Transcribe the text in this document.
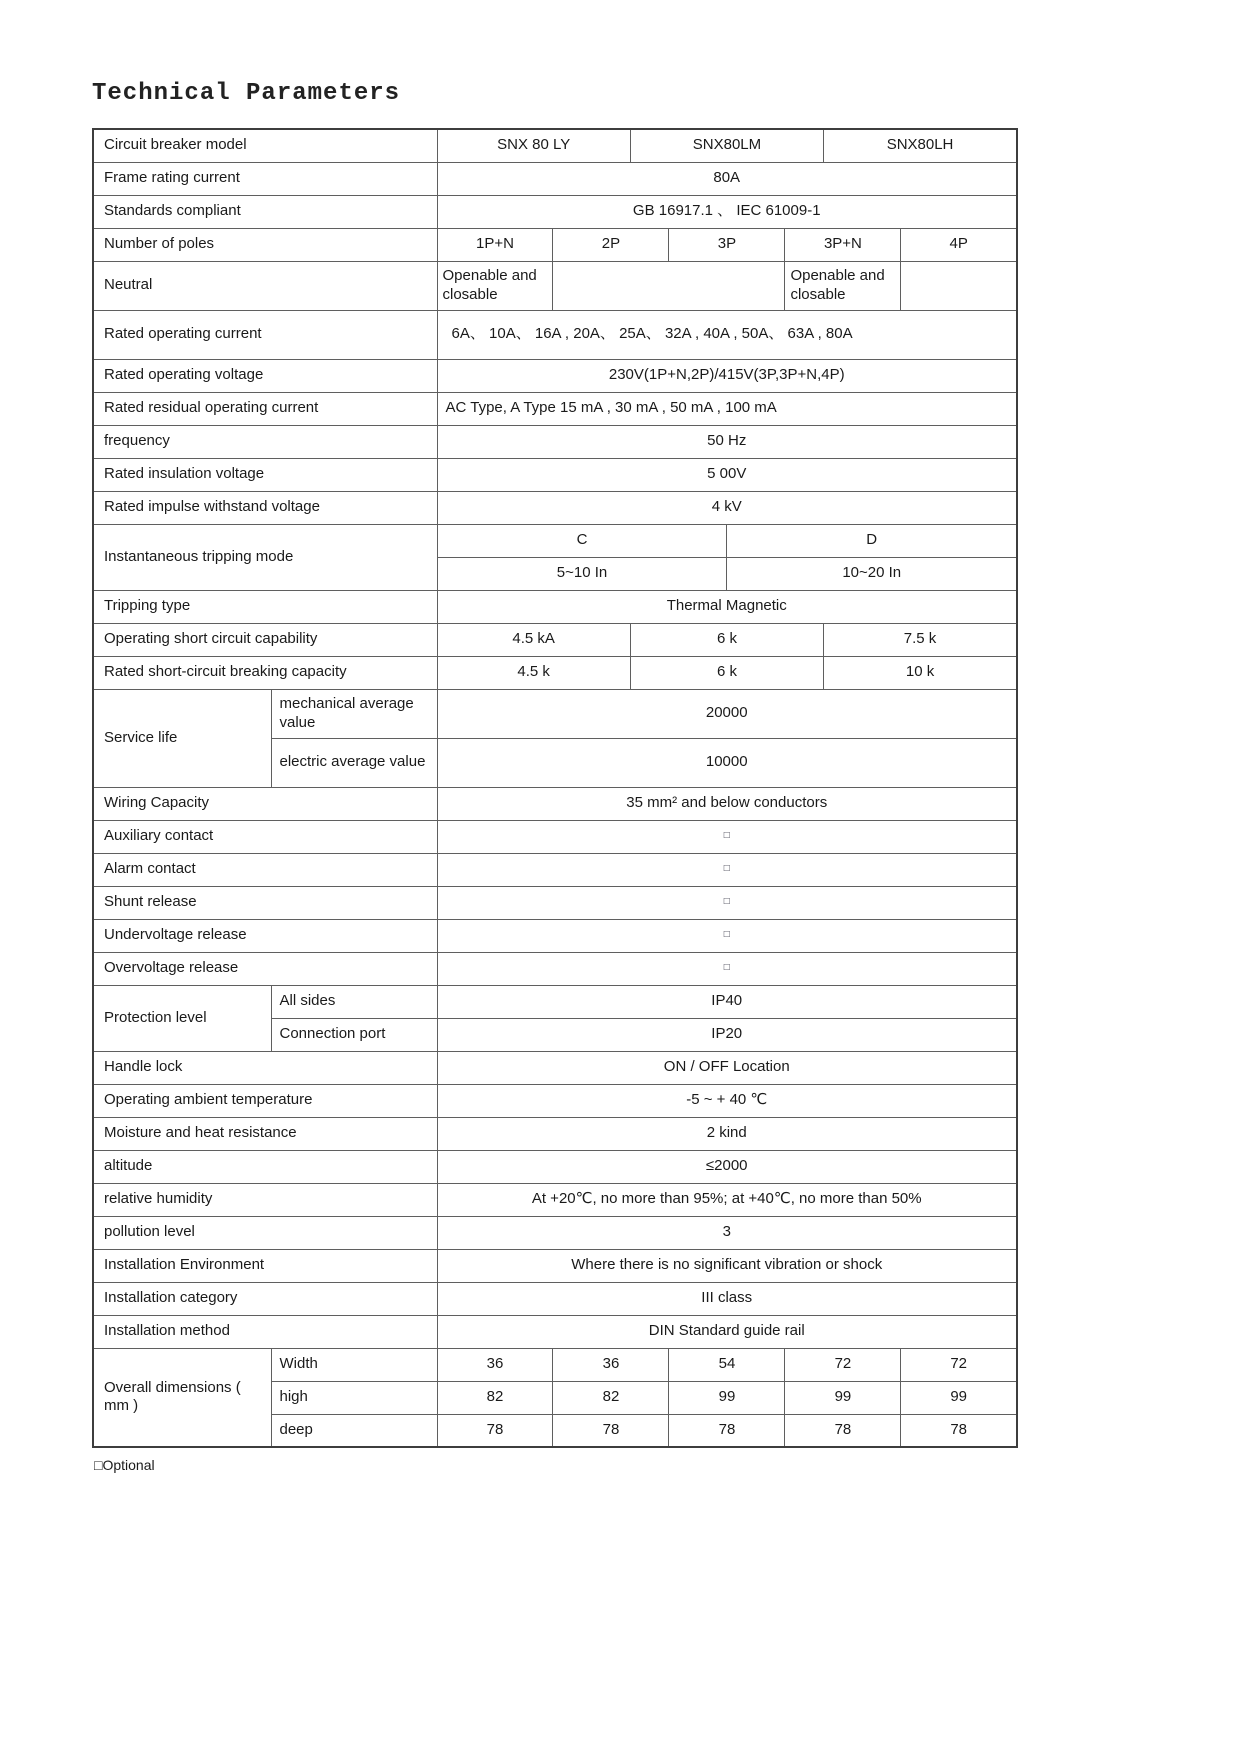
Technical Parameters
Circuit breaker model		SNX 80 LY		SNX80LM				SNX80LH	
Frame rating current		80A							
Standards compliant		GB 16917.1 、 IEC 61009-1							
Number of poles		1P+N	2P		3P		3P+N		4P
Neutral		Openable and closable					Openable and closable		
Rated operating current		6A、 10A、 16A , 20A、 25A、 32A , 40A , 50A、 63A , 80A							
Rated operating voltage		230V(1P+N,2P)/415V(3P,3P+N,4P)							
Rated residual operating current		AC Type, A Type 15 mA , 30 mA , 50 mA , 100 mA							
frequency		50 Hz							
Rated insulation voltage		5 00V							
Rated impulse withstand voltage		4 kV							
Instantaneous tripping mode		C				D			
		5~10 In				10~20 In			
Tripping type		Thermal Magnetic							
Operating short circuit capability		4.5 kA		6 k				7.5 k	
Rated short-circuit breaking capacity		4.5 k		6 k				10 k	
Service life	mechanical average value	20000							
	electric average value	10000							
Wiring Capacity		35 mm² and below conductors							
Auxiliary contact		□							
Alarm contact		□							
Shunt release		□							
Undervoltage release		□							
Overvoltage release		□							
Protection level	All sides	IP40							
	Connection port	IP20							
Handle lock		ON / OFF Location							
Operating ambient temperature		-5 ~ + 40 ℃							
Moisture and heat resistance		2 kind							
altitude		≤2000							
relative humidity		At +20℃, no more than 95%; at +40℃, no more than 50%							
pollution level		3							
Installation Environment		Where there is no significant vibration or shock							
Installation category		III class							
Installation method		DIN Standard guide rail							
Overall dimensions ( mm )	Width	36	36		54		72		72
	high	82	82		99		99		99
	deep	78	78		78		78		78
□Optional
